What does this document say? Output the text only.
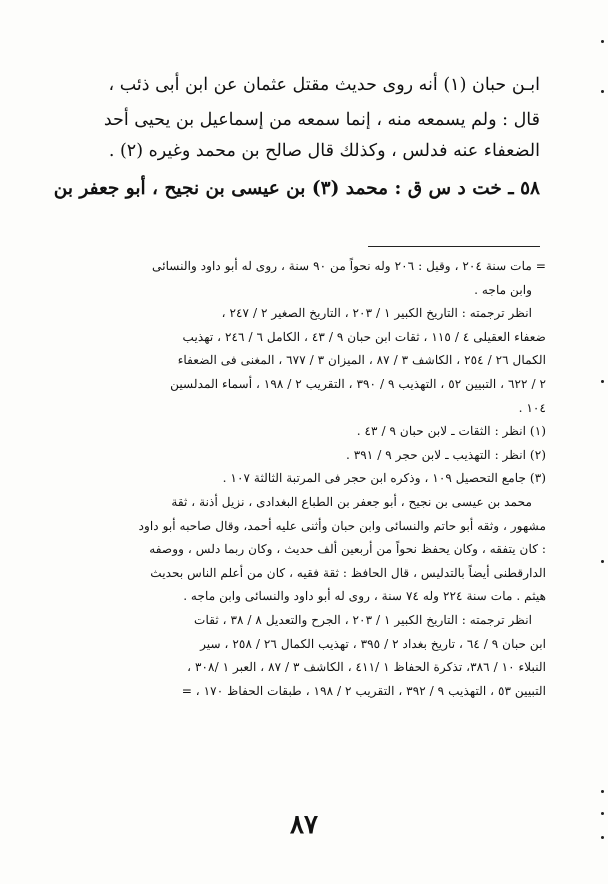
ابـن حبان (١) أنه روى حديث مقتل عثمان عن ابن أبى ذئب ،
قال : ولم يسمعه منه ، إنما سمعه من إسماعيل بن يحيى أحد
الضعفاء عنه فدلس ، وكذلك قال صالح بن محمد وغيره (٢) .
٥٨ ـ خت د س ق : محمد (٣) بن عيسى بن نجيح ، أبو جعفر بن
= مات سنة ٢٠٤ ، وقيل : ٢٠٦ وله نحواً من ٩٠ سنة ، روى له أبو داود والنسائى
وابن ماجه .
انظر ترجمته : التاريخ الكبير ١ / ٢٠٣ ، التاريخ الصغير ٢ / ٢٤٧ ،
ضعفاء العقيلى ٤ / ١١٥ ، ثقات ابن حبان ٩ / ٤٣ ، الكامل ٦ / ٢٤٦ ، تهذيب
الكمال ٢٦ / ٢٥٤ ، الكاشف ٣ / ٨٧ ، الميزان ٣ / ٦٧٧ ، المغنى فى الضعفاء
٢ / ٦٢٢ ، التبيين ٥٢ ، التهذيب ٩ / ٣٩٠ ، التقريب ٢ / ١٩٨ ، أسماء المدلسين
١٠٤ .
(١) انظر : الثقات ـ لابن حبان ٩ / ٤٣ .
(٢) انظر : التهذيب ـ لابن حجر ٩ / ٣٩١ .
(٣) جامع التحصيل ١٠٩ ، وذكره ابن حجر فى المرتبة الثالثة ١٠٧ .
محمد بن عيسى بن نجيح ، أبو جعفر بن الطباع البغدادى ، نزيل أذنة ، ثقة
مشهور ، وثقه أبو حاتم والنسائى وابن حبان وأثنى عليه أحمد، وقال صاحبه أبو داود
: كان يتفقه ، وكان يحفظ نحواً من أربعين ألف حديث ، وكان ربما دلس ، ووصفه
الدارقطنى أيضاً بالتدليس ، قال الحافظ : ثقة فقيه ، كان من أعلم الناس بحديث
هيثم . مات سنة ٢٢٤ وله ٧٤ سنة ، روى له أبو داود والنسائى وابن ماجه .
انظر ترجمته : التاريخ الكبير ١ / ٢٠٣ ، الجرح والتعديل ٨ / ٣٨ ، ثقات
ابن حبان ٩ / ٦٤ ، تاريخ بغداد ٢ / ٣٩٥ ، تهذيب الكمال ٢٦ / ٢٥٨ ، سير
النبلاء ١٠ / ٣٨٦، تذكرة الحفاظ ١ /٤١١ ، الكاشف ٣ / ٨٧ ، العبر ١ /٣٠٨ ،
التبيين ٥٣ ، التهذيب ٩ / ٣٩٢ ، التقريب ٢ / ١٩٨ ، طبقات الحفاظ ١٧٠ ، =
٨٧
